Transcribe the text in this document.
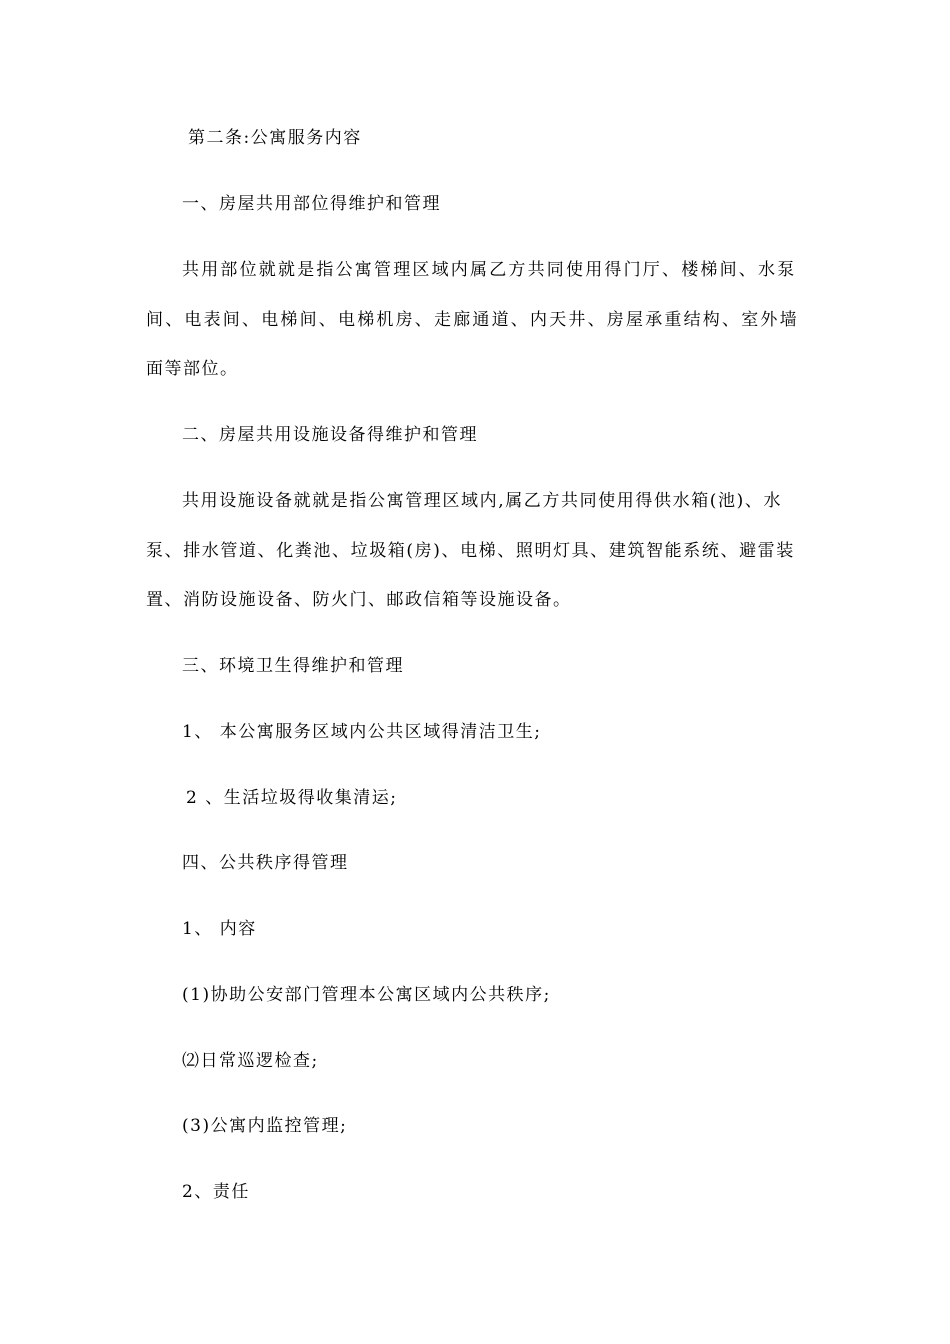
第二条:公寓服务内容
一、房屋共用部位得维护和管理
共用部位就就是指公寓管理区域内属乙方共同使用得门厅、楼梯间、水泵
间、电表间、电梯间、电梯机房、走廊通道、内天井、房屋承重结构、室外墙
面等部位。
二、房屋共用设施设备得维护和管理
共用设施设备就就是指公寓管理区域内,属乙方共同使用得供水箱(池)、水
泵、排水管道、化粪池、垃圾箱(房)、电梯、照明灯具、建筑智能系统、避雷装
置、消防设施设备、防火门、邮政信箱等设施设备。
三、环境卫生得维护和管理
1、 本公寓服务区域内公共区域得清洁卫生;
2 、生活垃圾得收集清运;
四、公共秩序得管理
1、 内容
(1)协助公安部门管理本公寓区域内公共秩序;
⑵日常巡逻检查;
(3)公寓内监控管理;
2、责任
